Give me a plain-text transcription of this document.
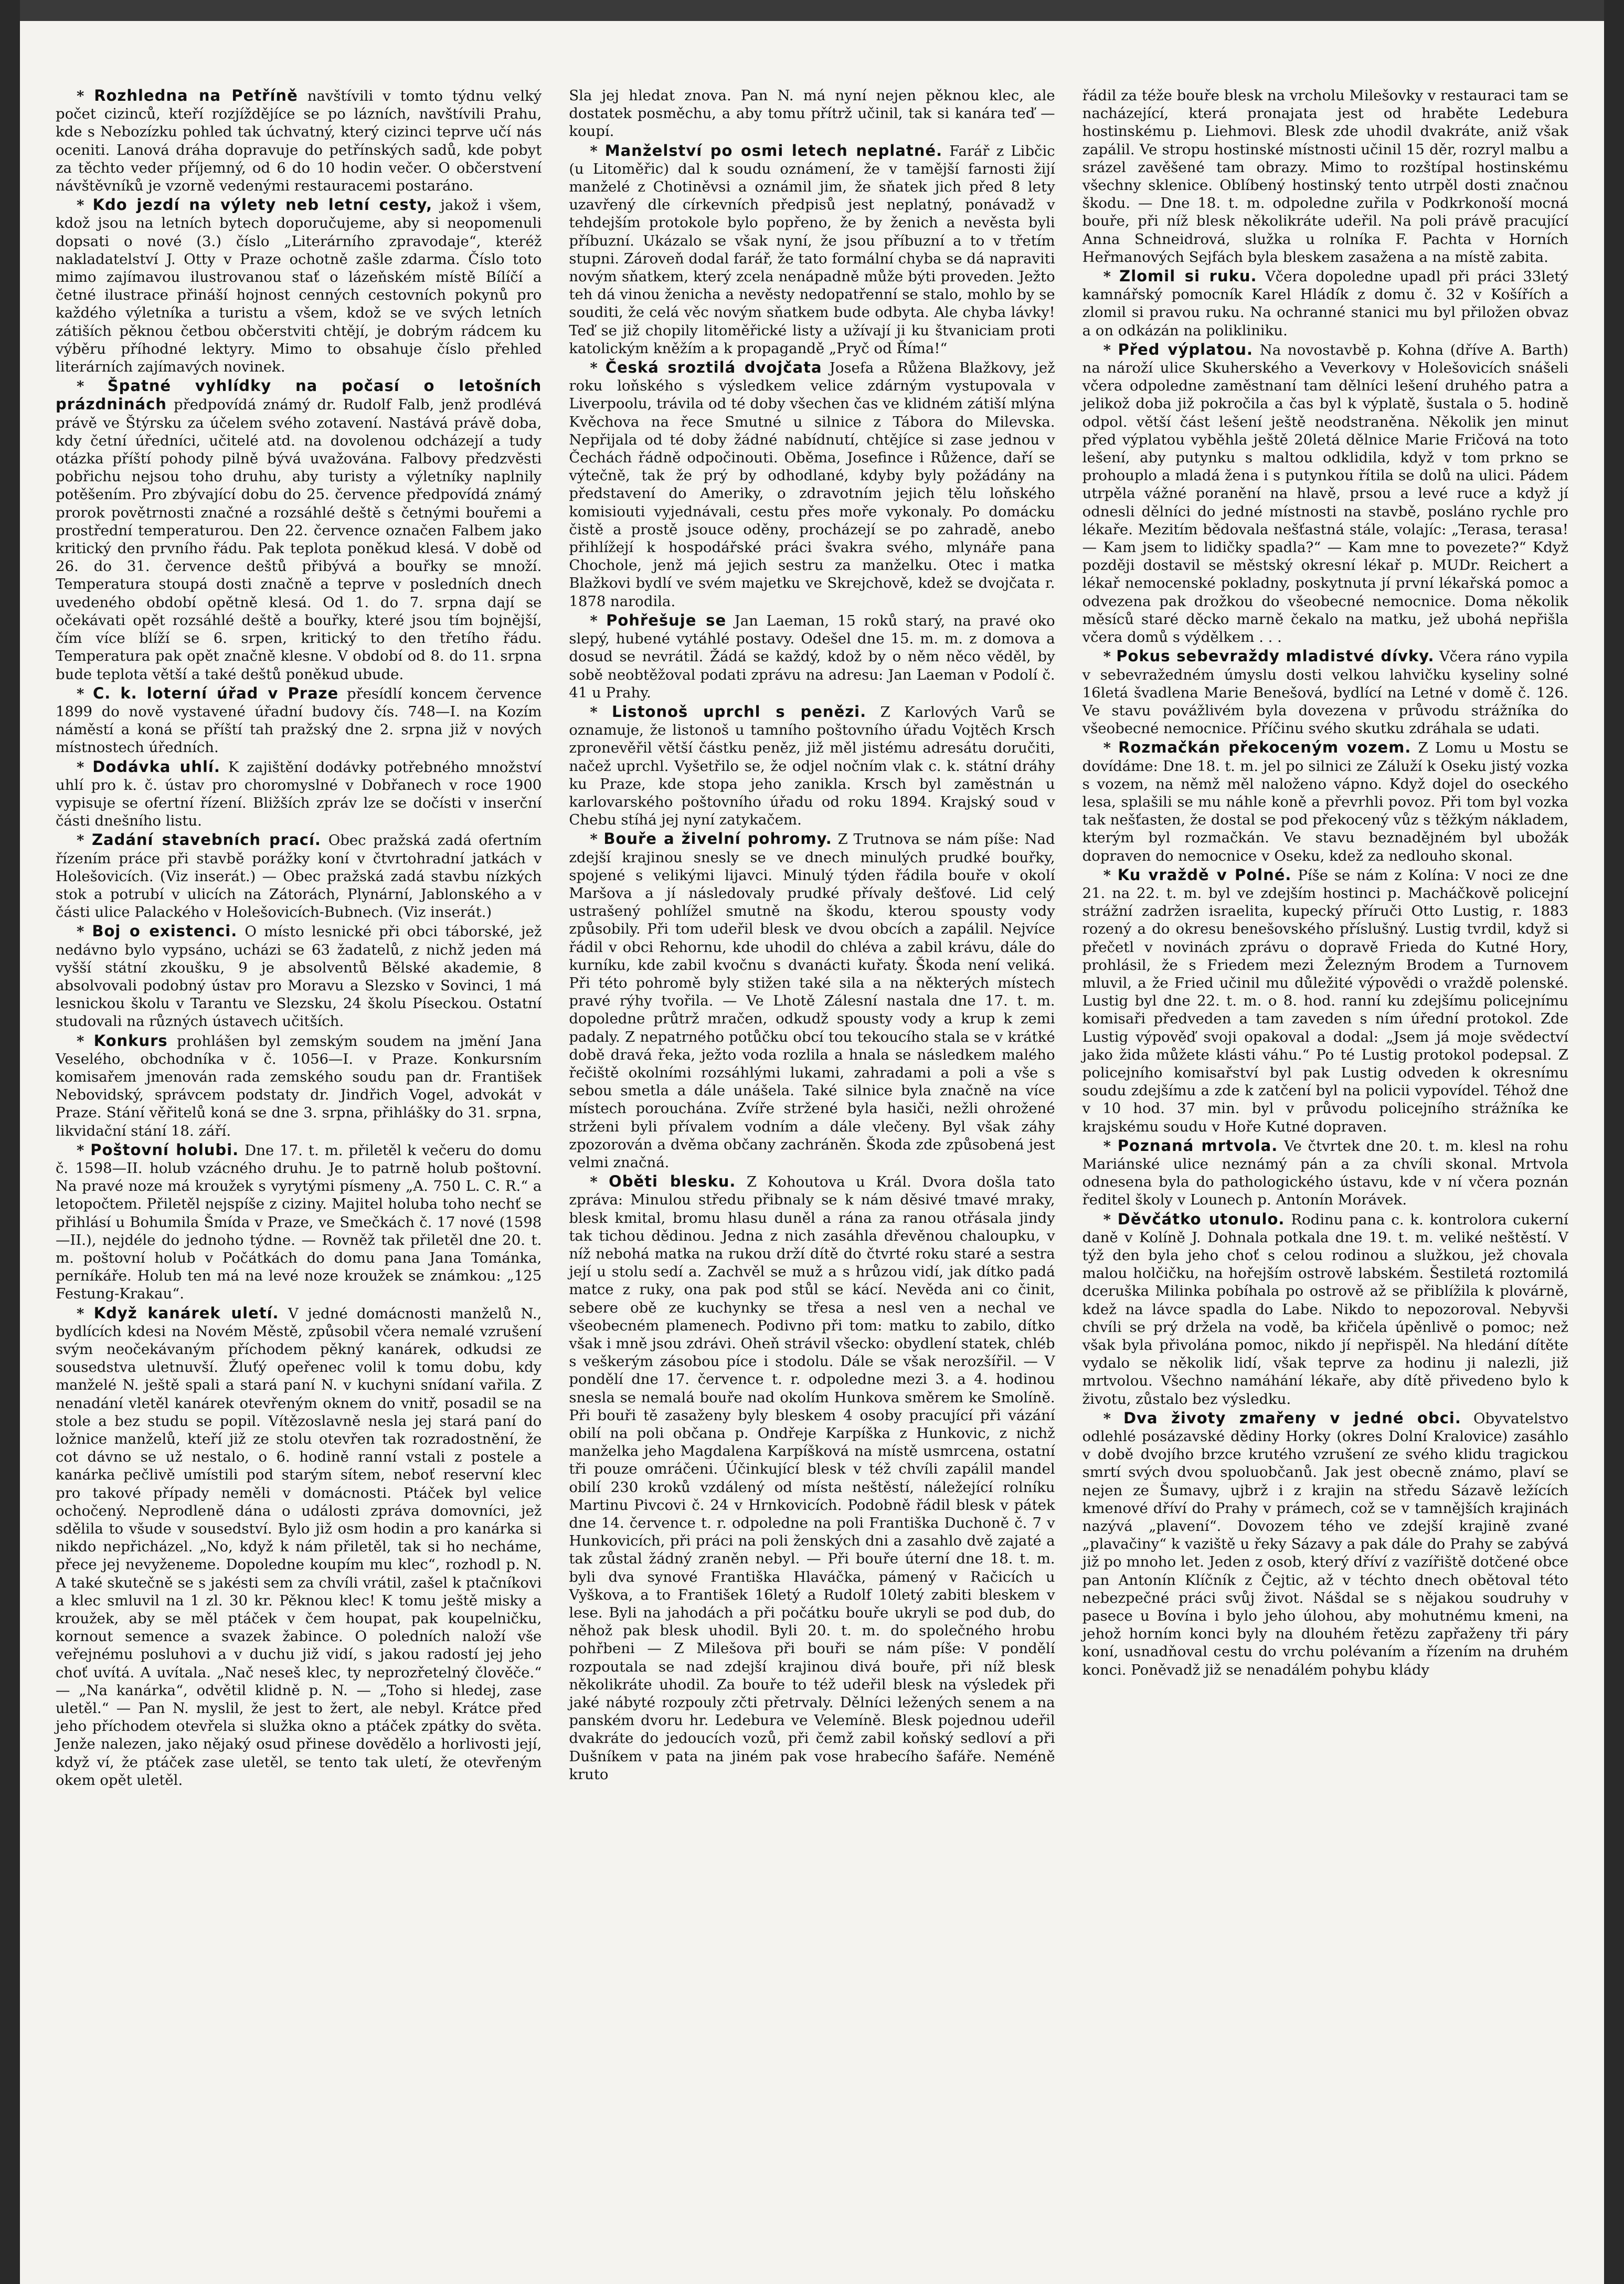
* Rozhledna na Petříně navštívili v tomto týdnu velký počet cizinců, kteří rozjíždějíce se po lázních, navštívili Prahu, kde s Nebozízku pohled tak úchvatný, který cizinci teprve učí nás oceniti. Lanová dráha dopravuje do petřínských sadů, kde pobyt za těchto veder příjemný, od 6 do 10 hodin večer. O občerstvení návštěvníků je vzorně vedenými restauracemi postaráno.

* Kdo jezdí na výlety neb letní cesty, jakož i všem, kdož jsou na letních bytech doporučujeme, aby si neopomenuli dopsati o nové (3.) číslo „Literárního zpravodaje“, kteréž nakladatelství J. Otty v Praze ochotně zašle zdarma. Číslo toto mimo zajímavou ilustrovanou stať o lázeňském místě Bílíčí a četné ilustrace přináší hojnost cenných cestovních pokynů pro každého výletníka a turistu a všem, kdož se ve svých letních zátiších pěknou četbou občerstviti chtějí, je dobrým rádcem ku výběru příhodné lektyry. Mimo to obsahuje číslo přehled literárních zajímavých novinek.

* Špatné vyhlídky na počasí o letošních prázdninách předpovídá známý dr. Rudolf Falb, jenž prodlévá právě ve Štýrsku za účelem svého zotavení. Nastává právě doba, kdy četní úředníci, učitelé atd. na dovolenou odcházejí a tudy otázka příští pohody pilně bývá uvažována. Falbovy předzvěsti pobřichu nejsou toho druhu, aby turisty a výletníky naplnily potěšením. Pro zbývající dobu do 25. července předpovídá známý prorok povětrnosti značné a rozsáhlé deště s četnými bouřemi a prostřední temperaturou. Den 22. července označen Falbem jako kritický den prvního řádu. Pak teplota poněkud klesá. V době od 26. do 31. července deštů přibývá a bouřky se množí. Temperatura stoupá dosti značně a teprve v posledních dnech uvedeného období opětně klesá. Od 1. do 7. srpna dají se očekávati opět rozsáhlé deště a bouřky, které jsou tím bojnější, čím více blíží se 6. srpen, kritický to den třetího řádu. Temperatura pak opět značně klesne. V období od 8. do 11. srpna bude teplota větší a také deštů poněkud ubude.

* C. k. loterní úřad v Praze přesídlí koncem července 1899 do nově vystavené úřadní budovy čís. 748—I. na Kozím náměstí a koná se příští tah pražský dne 2. srpna již v nových místnostech úředních.

* Dodávka uhlí. K zajištění dodávky potřebného množství uhlí pro k. č. ústav pro choromyslné v Dobřanech v roce 1900 vypisuje se ofertní řízení. Bližších zpráv lze se dočísti v inserční části dnešního listu.

* Zadání stavebních prací. Obec pražská zadá ofertním řízením práce při stavbě porážky koní v čtvrtohradní jatkách v Holešovicích. (Viz inserát.) — Obec pražská zadá stavbu nízkých stok a potrubí v ulicích na Zátorách, Plynární, Jablonského a v části ulice Palackého v Holešovicích-Bubnech. (Viz inserát.)

* Boj o existenci. O místo lesnické při obci táborské, jež nedávno bylo vypsáno, ucházi se 63 žadatelů, z nichž jeden má vyšší státní zkoušku, 9 je absolventů Bělské akademie, 8 absolvovali podobný ústav pro Moravu a Slezsko v Sovinci, 1 má lesnickou školu v Tarantu ve Slezsku, 24 školu Píseckou. Ostatní studovali na různých ústavech učitších.

* Konkurs prohlášen byl zemským soudem na jmění Jana Veselého, obchodníka v č. 1056—I. v Praze. Konkursním komisařem jmenován rada zemského soudu pan dr. František Nebovidský, správcem podstaty dr. Jindřich Vogel, advokát v Praze. Stání věřitelů koná se dne 3. srpna, přihlášky do 31. srpna, likvidační stání 18. září.

* Poštovní holubi. Dne 17. t. m. přiletěl k večeru do domu č. 1598—II. holub vzácného druhu. Je to patrně holub poštovní. Na pravé noze má kroužek s vyrytými písmeny „A. 750 L. C. R.“ a letopočtem. Přiletěl nejspíše z ciziny. Majitel holuba toho nechť se přihlásí u Bohumila Šmída v Praze, ve Smečkách č. 17 nové (1598—II.), nejdéle do jednoho týdne. — Rovněž tak přiletěl dne 20. t. m. poštovní holub v Počátkách do domu pana Jana Tománka, perníkáře. Holub ten má na levé noze kroužek se známkou: „125 Festung-Krakau“.

* Když kanárek uletí. V jedné domácnosti manželů N., bydlících kdesi na Novém Městě, způsobil včera nemalé vzrušení svým neočekávaným příchodem pěkný kanárek, odkudsi ze sousedstva uletnuvší. Žluťý opeřenec volil k tomu dobu, kdy manželé N. ještě spali a stará paní N. v kuchyni snídaní vařila. Z nenadání vletěl kanárek otevřeným oknem do vnitř, posadil se na stole a bez studu se popil. Vítězoslavně nesla jej stará paní do ložnice manželů, kteří již ze stolu otevřen tak rozradostnění, že cot dávno se už nestalo, o 6. hodině ranní vstali z postele a kanárka pečlivě umístili pod starým sítem, neboť reservní klec pro takové případy neměli v domácnosti. Ptáček byl velice ochočený. Neprodleně dána o události zpráva domovníci, jež sdělila to všude v sousedství. Bylo již osm hodin a pro kanárka si nikdo nepřicházel. „No, když k nám přiletěl, tak si ho necháme, přece jej nevyženeme. Dopoledne koupím mu klec“, rozhodl p. N. A také skutečně se s jakésti sem za chvíli vrátil, zašel k ptačníkovi a klec smluvil na 1 zl. 30 kr. Pěknou klec! K tomu ještě misky a kroužek, aby se měl ptáček v čem houpat, pak koupelničku, kornout semence a svazek žabince. O poledních naloží vše veřejnému posluhovi a v duchu již vidí, s jakou radostí jej jeho choť uvítá. A uvítala. „Nač neseš klec, ty neprozřetelný člověče.“ — „Na kanárka“, odvětil klidně p. N. — „Toho si hledej, zase uletěl.“ — Pan N. myslil, že jest to žert, ale nebyl. Krátce před jeho příchodem otevřela si služka okno a ptáček zpátky do světa. Jenže nalezen, jako nějaký osud přinese dovědělo a horlivosti její, když ví, že ptáček zase uletěl, se tento tak uletí, že otevřeným okem opět uletěl.

Sla jej hledat znova. Pan N. má nyní nejen pěknou klec, ale dostatek posměchu, a aby tomu přítrž učinil, tak si kanára teď — koupí.

* Manželství po osmi letech neplatné. Farář z Libčic (u Litoměřic) dal k soudu oznámení, že v tamější farnosti žijí manželé z Chotiněvsi a oznámil jim, že sňatek jich před 8 lety uzavřený dle církevních předpisů jest neplatný, ponávadž v tehdejším protokole bylo popřeno, že by ženich a nevěsta byli příbuzní. Ukázalo se však nyní, že jsou příbuzní a to v třetím stupni. Zároveň dodal farář, že tato formální chyba se dá napraviti novým sňatkem, který zcela nenápadně může býti proveden. Ježto teh dá vinou ženicha a nevěsty nedopatřenní se stalo, mohlo by se souditi, že celá věc novým sňatkem bude odbyta. Ale chyba lávky! Teď se již chopily litoměřické listy a užívají ji ku štvaniciam proti katolickým kněžím a k propagandě „Pryč od Říma!“

* Česká sroztilá dvojčata Josefa a Růžena Blažkovy, jež roku loňského s výsledkem velice zdárným vystupovala v Liverpoolu, trávila od té doby všechen čas ve klidném zátiší mlýna Kvěchova na řece Smutné u silnice z Tábora do Milevska. Nepřijala od té doby žádné nabídnutí, chtějíce si zase jednou v Čechách řádně odpočinouti. Oběma, Josefince i Růžence, daří se výtečně, tak že prý by odhodlané, kdyby byly požádány na představení do Ameriky, o zdravotním jejich tělu loňského komisiouti vyjednávali, cestu přes moře vykonaly. Po domácku čistě a prostě jsouce oděny, procházejí se po zahradě, anebo přihlížejí k hospodářské práci švakra svého, mlynáře pana Chochole, jenž má jejich sestru za manželku. Otec i matka Blažkovi bydlí ve svém majetku ve Skrejchově, kdež se dvojčata r. 1878 narodila.

* Pohřešuje se Jan Laeman, 15 roků starý, na pravé oko slepý, hubené vytáhlé postavy. Odešel dne 15. m. m. z domova a dosud se nevrátil. Žádá se každý, kdož by o něm něco věděl, by sobě neobtěžoval podati zprávu na adresu: Jan Laeman v Podolí č. 41 u Prahy.

* Listonoš uprchl s penězi. Z Karlových Varů se oznamuje, že listonoš u tamního poštovního úřadu Vojtěch Krsch zpronevěřil větší částku peněz, již měl jistému adresátu doručiti, načež uprchl. Vyšetřilo se, že odjel nočním vlak c. k. státní dráhy ku Praze, kde stopa jeho zanikla. Krsch byl zaměstnán u karlovarského poštovního úřadu od roku 1894. Krajský soud v Chebu stíhá jej nyní zatykačem.

* Bouře a živelní pohromy. Z Trutnova se nám píše: Nad zdejší krajinou snesly se ve dnech minulých prudké bouřky, spojené s velikými lijavci. Minulý týden řádila bouře v okolí Maršova a jí následovaly prudké přívaly dešťové. Lid celý ustrašený pohlížel smutně na škodu, kterou spousty vody způsobily. Při tom udeřil blesk ve dvou obcích a zapálil. Nejvíce řádil v obci Rehornu, kde uhodil do chléva a zabil krávu, dále do kurníku, kde zabil kvočnu s dvanácti kuřaty. Škoda není veliká. Při této pohromě byly stižen také sila a na některých místech pravé rýhy tvořila. — Ve Lhotě Zálesní nastala dne 17. t. m. dopoledne průtrž mračen, odkudž spousty vody a krup k zemi padaly. Z nepatrného potůčku obcí tou tekoucího stala se v krátké době dravá řeka, ježto voda rozlila a hnala se následkem malého řečiště okolními rozsáhlými lukami, zahradami a poli a vše s sebou smetla a dále unášela. Také silnice byla značně na více místech porouchána. Zvíře stržené byla hasiči, nežli ohrožené strženi byli přívalem vodním a dále vlečeny. Byl však záhy zpozorován a dvěma občany zachráněn. Škoda zde způsobená jest velmi značná.

* Oběti blesku. Z Kohoutova u Král. Dvora došla tato zpráva: Minulou středu přibnaly se k nám děsivé tmavé mraky, blesk kmital, bromu hlasu duněl a rána za ranou otřásala jindy tak tichou dědinou. Jedna z nich zasáhla dřevěnou chaloupku, v níž nebohá matka na rukou drží dítě do čtvrté roku staré a sestra její u stolu sedí a. Zachvěl se muž a s hrůzou vidí, jak dítko padá matce z ruky, ona pak pod stůl se kácí. Nevěda ani co činit, sebere obě ze kuchynky se třesa a nesl ven a nechal ve všeobecném plamenech. Podivno při tom: matku to zabilo, dítko však i mně jsou zdrávi. Oheň strávil všecko: obydlení statek, chléb s veškerým zásobou píce i stodolu. Dále se však nerozšířil. — V pondělí dne 17. července t. r. odpoledne mezi 3. a 4. hodinou snesla se nemalá bouře nad okolím Hunkova směrem ke Smolíně. Při bouři tě zasaženy byly bleskem 4 osoby pracující při vázání obilí na poli občana p. Ondřeje Karpíška z Hunkovic, z nichž manželka jeho Magdalena Karpíšková na místě usmrcena, ostatní tři pouze omráčeni. Účinkující blesk v též chvíli zapálil mandel obilí 230 kroků vzdálený od místa neštěstí, náležející rolníku Martinu Pivcovi č. 24 v Hrnkovicích. Podobně řádil blesk v pátek dne 14. července t. r. odpoledne na poli Františka Duchoně č. 7 v Hunkovicích, při práci na poli ženských dni a zasahlo dvě zajaté a tak zůstal žádný zraněn nebyl. — Při bouře úterní dne 18. t. m. byli dva synové Františka Hlaváčka, pámený v Račicích u Vyškova, a to František 16letý a Rudolf 10letý zabiti bleskem v lese. Byli na jahodách a při počátku bouře ukryli se pod dub, do něhož pak blesk uhodil. Byli 20. t. m. do společného hrobu pohřbeni — Z Milešova při bouři se nám píše: V pondělí rozpoutala se nad zdejší krajinou divá bouře, při níž blesk několikráte uhodil. Za bouře to též udeřil blesk na výsledek při jaké nábyté rozpouly zčti přetrvaly. Dělníci ležených senem a na panském dvoru hr. Ledebura ve Velemíně. Blesk pojednou udeřil dvakráte do jedoucích vozů, při čemž zabil koňský sedloví a při Dušníkem v pata na jiném pak vose hrabecího šafáře. Neméně kruto

řádil za téže bouře blesk na vrcholu Milešovky v restauraci tam se nacházející, která pronajata jest od hraběte Ledebura hostinskému p. Liehmovi. Blesk zde uhodil dvakráte, aniž však zapálil. Ve stropu hostinské místnosti učinil 15 děr, rozryl malbu a srázel zavěšené tam obrazy. Mimo to rozštípal hostinskému všechny sklenice. Oblíbený hostinský tento utrpěl dosti značnou škodu. — Dne 18. t. m. odpoledne zuřila v Podkrkonoší mocná bouře, při níž blesk několikráte udeřil. Na poli právě pracující Anna Schneidrová, služka u rolníka F. Pachta v Horních Heřmanových Sejfách byla bleskem zasažena a na místě zabita.

* Zlomil si ruku. Včera dopoledne upadl při práci 33letý kamnářský pomocník Karel Hládík z domu č. 32 v Košířích a zlomil si pravou ruku. Na ochranné stanici mu byl přiložen obvaz a on odkázán na polikliniku.

* Před výplatou. Na novostavbě p. Kohna (dříve A. Barth) na nároží ulice Skuherského a Veverkovy v Holešovicích snášeli včera odpoledne zaměstnaní tam dělníci lešení druhého patra a jelikož doba již pokročila a čas byl k výplatě, šustala o 5. hodině odpol. větší část lešení ještě neodstraněna. Několik jen minut před výplatou vyběhla ještě 20letá dělnice Marie Fričová na toto lešení, aby putynku s maltou odklidila, když v tom prkno se prohouplo a mladá žena i s putynkou řítila se dolů na ulici. Pádem utrpěla vážné poranění na hlavě, prsou a levé ruce a když jí odnesli dělníci do jedné místnosti na stavbě, posláno rychle pro lékaře. Mezitím bědovala nešťastná stále, volajíc: „Terasa, terasa! — Kam jsem to lidičky spadla?“ — Kam mne to povezete?“ Když později dostavil se městský okresní lékař p. MUDr. Reichert a lékař nemocenské pokladny, poskytnuta jí první lékařská pomoc a odvezena pak drožkou do všeobecné nemocnice. Doma několik měsíců staré děcko marně čekalo na matku, jež ubohá nepřišla včera domů s výdělkem . . .

* Pokus sebevraždy mladistvé dívky. Včera ráno vypila v sebevražedném úmyslu dosti velkou lahvičku kyseliny solné 16letá švadlena Marie Benešová, bydlící na Letné v domě č. 126. Ve stavu povážlivém byla dovezena v průvodu strážníka do všeobecné nemocnice. Příčinu svého skutku zdráhala se udati.

* Rozmačkán překoceným vozem. Z Lomu u Mostu se dovídáme: Dne 18. t. m. jel po silnici ze Záluží k Oseku jistý vozka s vozem, na němž měl naloženo vápno. Když dojel do oseckého lesa, splašili se mu náhle koně a převrhli povoz. Při tom byl vozka tak nešťasten, že dostal se pod překocený vůz s těžkým nákladem, kterým byl rozmačkán. Ve stavu beznadějném byl ubožák dopraven do nemocnice v Oseku, kdež za nedlouho skonal.

* Ku vraždě v Polné. Píše se nám z Kolína: V noci ze dne 21. na 22. t. m. byl ve zdejším hostinci p. Macháčkově policejní strážní zadržen israelita, kupecký příruči Otto Lustig, r. 1883 rozený a do okresu benešovského příslušný. Lustig tvrdil, když si přečetl v novinách zprávu o dopravě Frieda do Kutné Hory, prohlásil, že s Friedem mezi Železným Brodem a Turnovem mluvil, a že Fried učinil mu důležité výpovědi o vraždě polenské. Lustig byl dne 22. t. m. o 8. hod. ranní ku zdejšímu policejnímu komisaři předveden a tam zaveden s ním úřední protokol. Zde Lustig výpověď svoji opakoval a dodal: „Jsem já moje svědectví jako žida můžete klásti váhu.“ Po té Lustig protokol podepsal. Z policejního komisařství byl pak Lustig odveden k okresnímu soudu zdejšímu a zde k zatčení byl na policii vypovídel. Téhož dne v 10 hod. 37 min. byl v průvodu policejního strážníka ke krajskému soudu v Hoře Kutné dopraven.

* Poznaná mrtvola. Ve čtvrtek dne 20. t. m. klesl na rohu Mariánské ulice neznámý pán a za chvíli skonal. Mrtvola odnesena byla do pathologického ústavu, kde v ní včera poznán ředitel školy v Lounech p. Antonín Morávek.

* Děvčátko utonulo. Rodinu pana c. k. kontrolora cukerní daně v Kolíně J. Dohnala potkala dne 19. t. m. veliké neštěstí. V týž den byla jeho choť s celou rodinou a služkou, jež chovala malou holčičku, na hořejším ostrově labském. Šestiletá roztomilá dceruška Milinka pobíhala po ostrově až se přiblížila k plovárně, kdež na lávce spadla do Labe. Nikdo to nepozoroval. Nebyvši chvíli se prý držela na vodě, ba křičela úpěnlivě o pomoc; než však byla přivolána pomoc, nikdo jí nepřispěl. Na hledání dítěte vydalo se několik lidí, však teprve za hodinu ji nalezli, již mrtvolou. Všechno namáhání lékaře, aby dítě přivedeno bylo k životu, zůstalo bez výsledku.

* Dva životy zmařeny v jedné obci. Obyvatelstvo odlehlé posázavské dědiny Horky (okres Dolní Kralovice) zasáhlo v době dvojího brzce krutého vzrušení ze svého klidu tragickou smrtí svých dvou spoluobčanů. Jak jest obecně známo, plaví se nejen ze Šumavy, ujbrž i z krajin na středu Sázavě ležících kmenové dříví do Prahy v prámech, což se v tamnějších krajinách nazývá „plavení“. Dovozem tého ve zdejší krajině zvané „plavačiny“ k vaziště u řeky Sázavy a pak dále do Prahy se zabývá již po mnoho let. Jeden z osob, který dříví z vazířiště dotčené obce pan Antonín Klíčník z Čejtic, až v téchto dnech obětoval této nebezpečné práci svůj život. Nášdal se s nějakou soudruhy v pasece u Bovína i bylo jeho úlohou, aby mohutnému kmeni, na jehož horním konci byly na dlouhém řetězu zapřaženy tři páry koní, usnadňoval cestu do vrchu polévaním a řízením na druhém konci. Poněvadž již se nenadálém pohybu klády
